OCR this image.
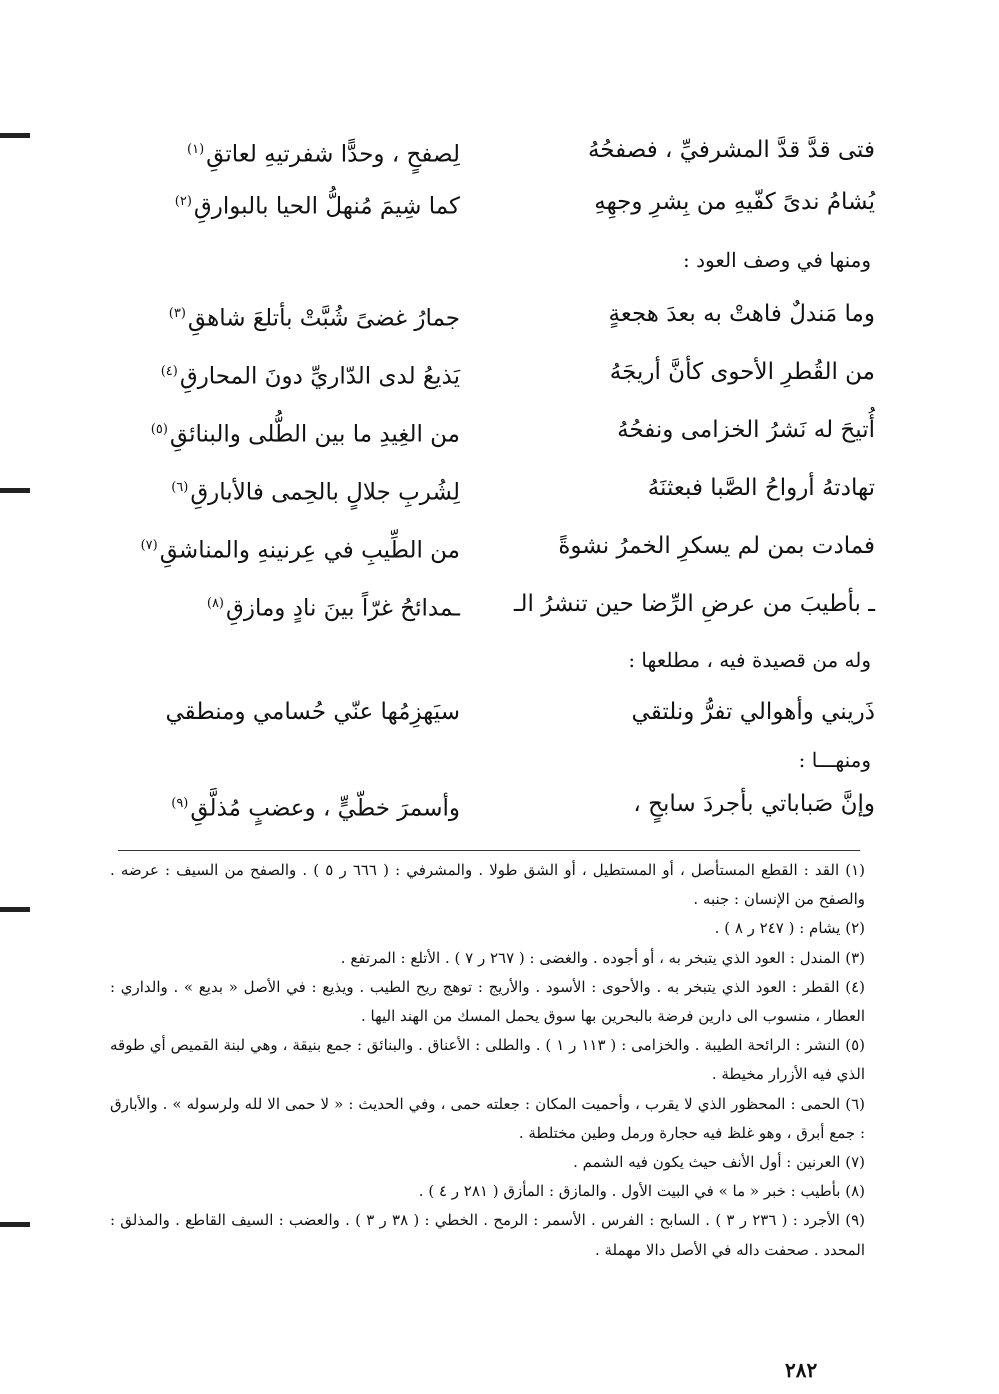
فتى قدَّ قدَّ المشرفيِّ ، فصفحُهُ
لِصفحٍ ، وحدًّا شفرتيهِ لعاتقِ$^{(١)}$
يُشامُ ندىً كفّيهِ من بِشرِ وجهِهِ
كما شِيمَ مُنهلُّ الحيا بالبوارقِ$^{(٢)}$
ومنها في وصف العود :
وما مَندلٌ فاهتْ به بعدَ هجعةٍ
جمارُ غضىً شُبَّتْ بأتلعَ شاهقِ$^{(٣)}$
من القُطرِ الأحوى كأنَّ أريجَهُ
يَذيعُ لدى الدّاريِّ دونَ المحارقِ$^{(٤)}$
أُتيحَ له نَشرُ الخزامى ونفحُهُ
من الغِيدِ ما بين الطُّلى والبنائقِ$^{(٥)}$
تهادتهُ أرواحُ الصَّبا فبعثنَهُ
لِشُربِ جلالٍ بالحِمى فالأبارقِ$^{(٦)}$
فمادت بمن لم يسكرِ الخمرُ نشوةً
من الطِّيبِ في عِرنينهِ والمناشقِ$^{(٧)}$
ـ بأطيبَ من عرضِ الرِّضا حين تنشرُ الـ
ـمدائحُ غرّاً بينَ نادٍ ومازقِ$^{(٨)}$
وله من قصيدة فيه ، مطلعها :
ذَريني وأهوالي تفرُّ ونلتقي
سيَهزِمُها عنّي حُسامي ومنطقي
ومنهـــا :
وإنَّ صَباباتي بأجردَ سابحٍ ،
وأسمرَ خطّيٍّ ، وعضبٍ مُذلَّقِ$^{(٩)}$
(١) القد : القطع المستأصل ، أو المستطيل ، أو الشق طولا . والمشرفي : ( ٦٦٦ ر ٥ ) . والصفح من السيف : عرضه . والصفح من الإنسان : جنبه .
(٢) يشام : ( ٢٤٧ ر ٨ ) .
(٣) المندل : العود الذي يتبخر به ، أو أجوده . والغضى : ( ٢٦٧ ر ٧ ) . الأتلع : المرتفع .
(٤) القطر : العود الذي يتبخر به . والأحوى : الأسود . والأريج : توهج ريح الطيب . ويذيع : في الأصل « بديع » . والداري : العطار ، منسوب الى دارين فرضة بالبحرين بها سوق يحمل المسك من الهند اليها .
(٥) النشر : الرائحة الطيبة . والخزامى : ( ١١٣ ر ١ ) . والطلى : الأعناق . والبنائق : جمع بنيقة ، وهي لبنة القميص أي طوقه الذي فيه الأزرار مخيطة .
(٦) الحمى : المحظور الذي لا يقرب ، وأحميت المكان : جعلته حمى ، وفي الحديث : « لا حمى الا لله ولرسوله » . والأبارق : جمع أبرق ، وهو غلظ فيه حجارة ورمل وطين مختلطة .
(٧) العرنين : أول الأنف حيث يكون فيه الشمم .
(٨) بأطيب : خبر « ما » في البيت الأول . والمازق : المأزق ( ٢٨١ ر ٤ ) .
(٩) الأجرد : ( ٢٣٦ ر ٣ ) . السابح : الفرس . الأسمر : الرمح . الخطي : ( ٣٨ ر ٣ ) . والعضب : السيف القاطع . والمذلق : المحدد . صحفت داله في الأصل دالا مهملة .
٢٨٢
